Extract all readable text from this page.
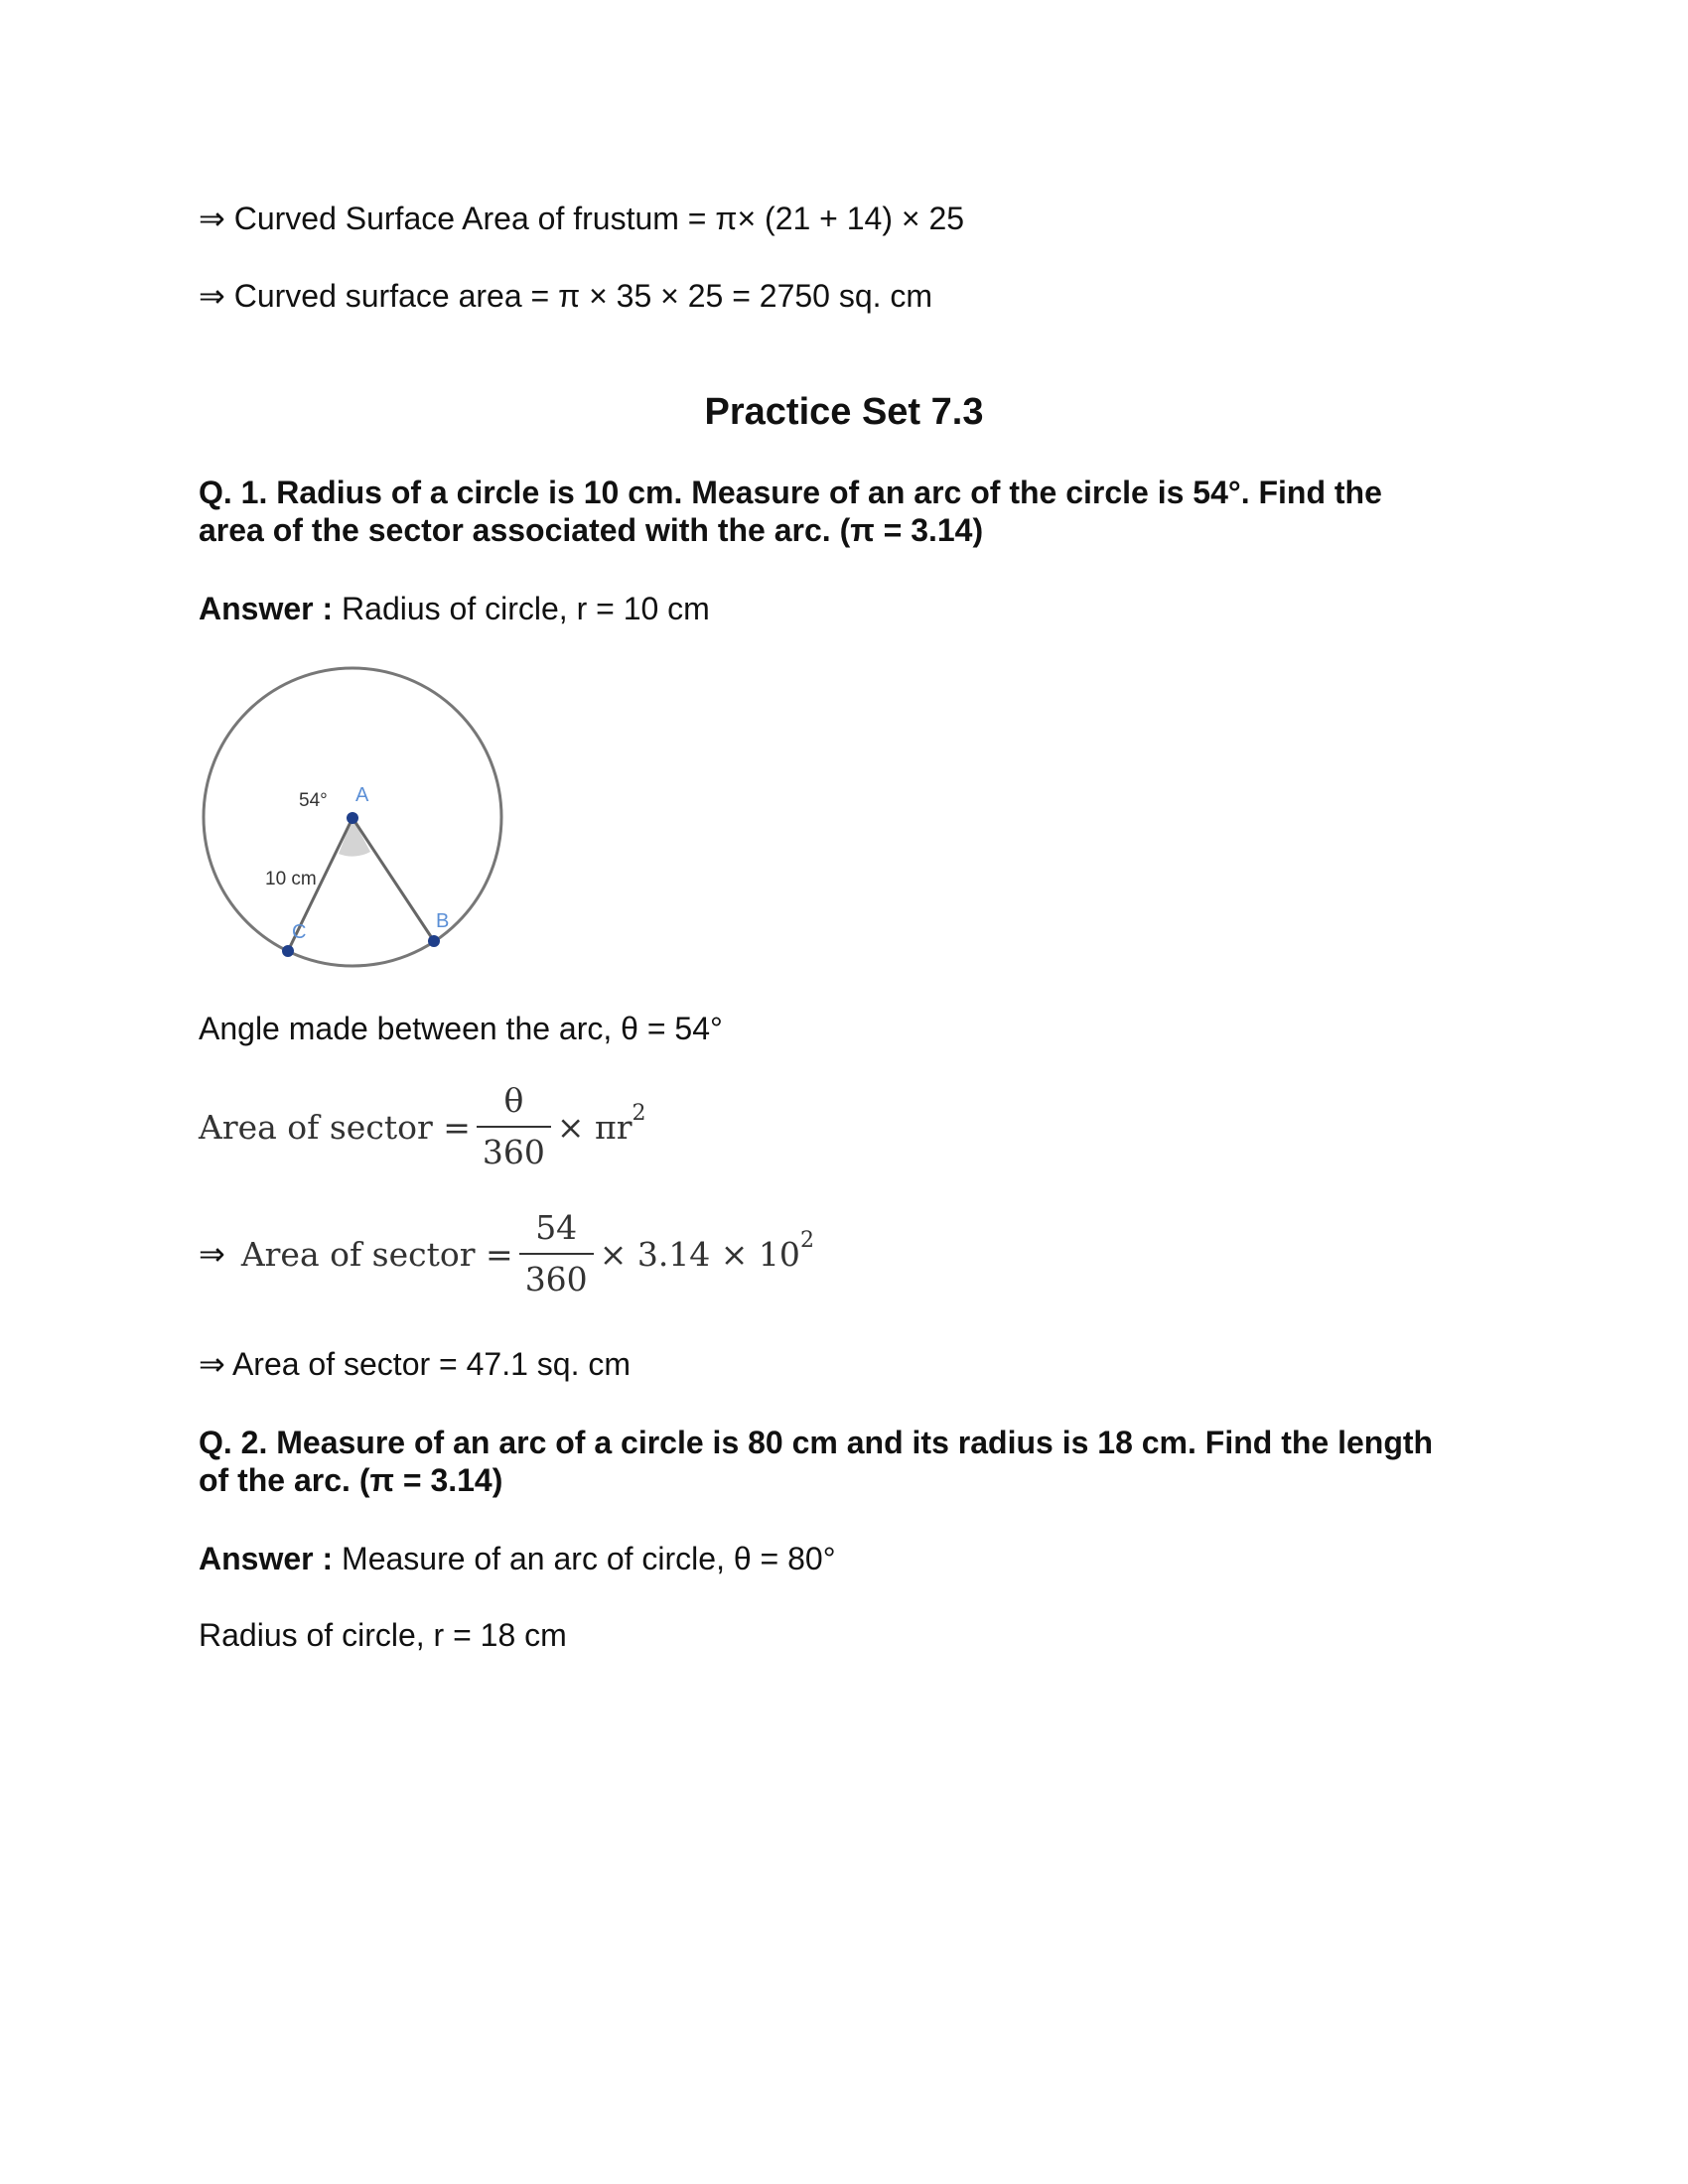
⇒ Curved Surface Area of frustum = π× (21 + 14) × 25
⇒ Curved surface area = π × 35 × 25 = 2750 sq. cm
Practice Set 7.3
Q. 1. Radius of a circle is 10 cm. Measure of an arc of the circle is 54°. Find the
area of the sector associated with the arc. (π = 3.14)
Answer : Radius of circle, r = 10 cm
54°
10 cm
A
B
C
Angle made between the arc, θ = 54°
Area of sector = $\frac{\theta}{360} \times \pi r$ 2
⇒ Area of sector = $\frac{54}{360} \times 3.14 \times 10$ 2
⇒ Area of sector = 47.1 sq. cm
Q. 2. Measure of an arc of a circle is 80 cm and its radius is 18 cm. Find the length
of the arc. (π = 3.14)
Answer : Measure of an arc of circle, θ = 80°
Radius of circle, r = 18 cm
